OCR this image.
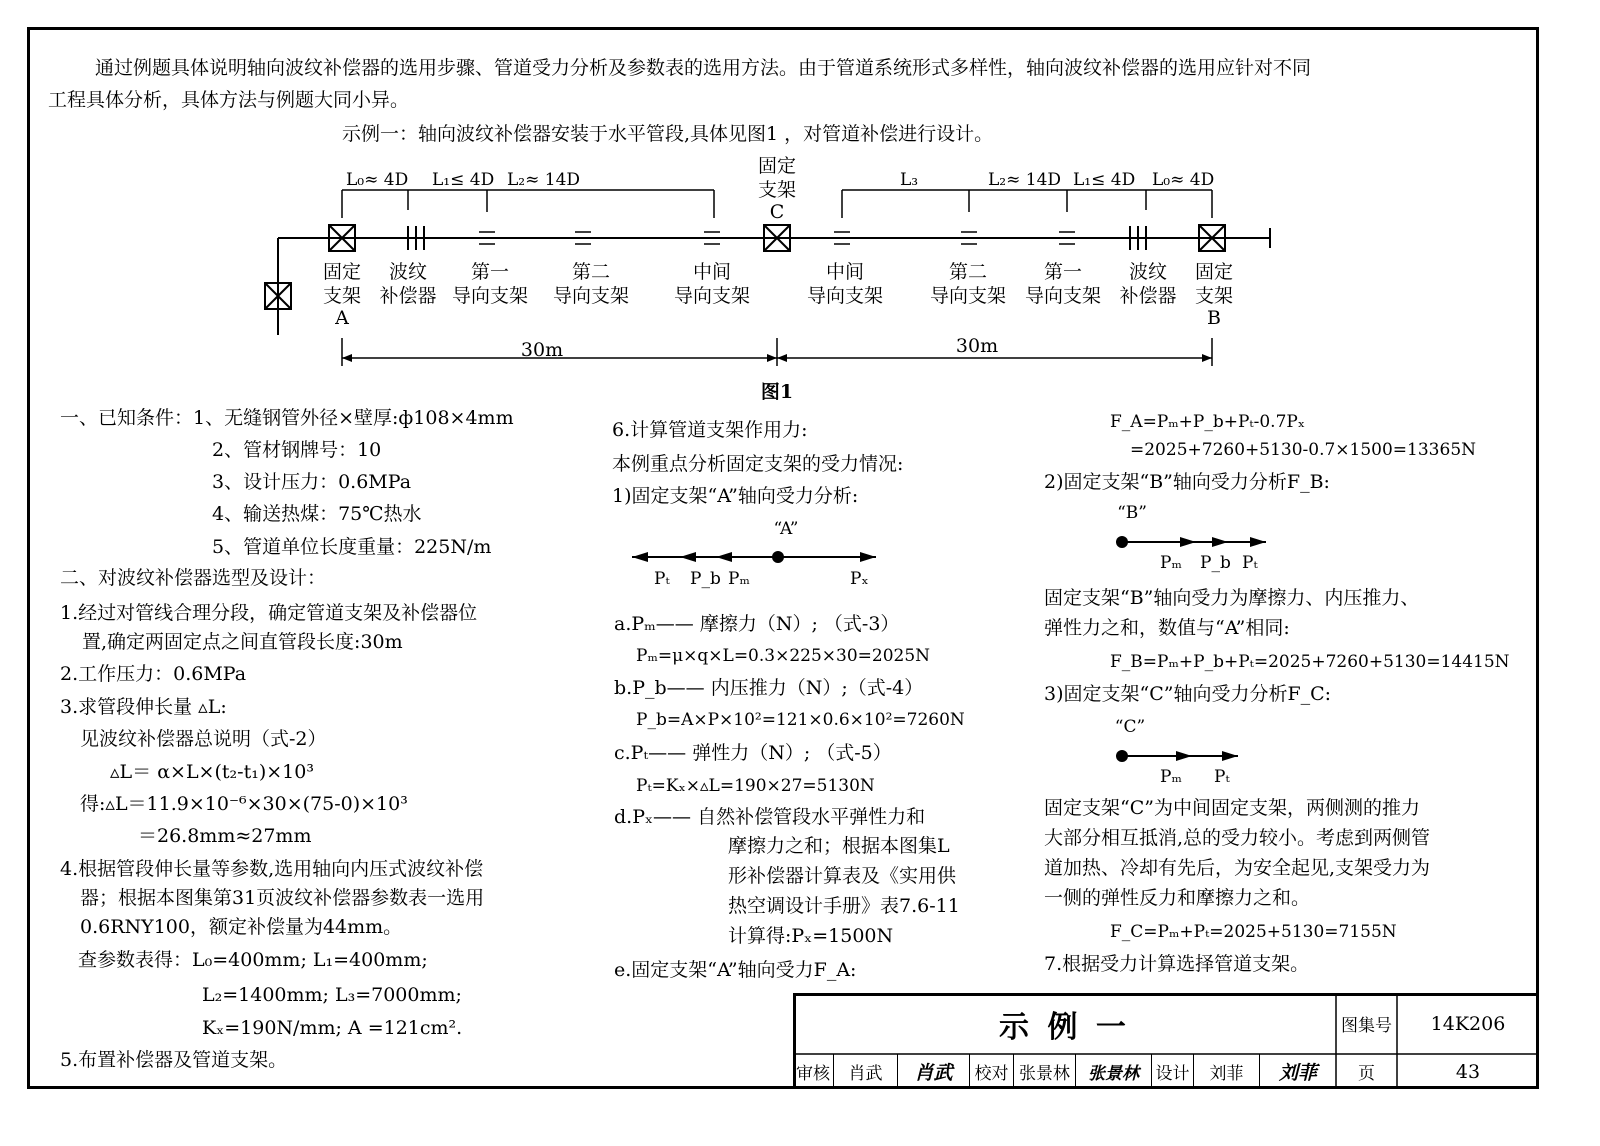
通过例题具体说明轴向波纹补偿器的选用步骤、管道受力分析及参数表的选用方法。由于管道系统形式多样性，轴向波纹补偿器的选用应针对不同
工程具体分析，具体方法与例题大同小异。
示例一：轴向波纹补偿器安装于水平管段,具体见图1 ，对管道补偿进行设计。
L₀≈ 4D L₁≤ 4D L₂≈ 14D	L₃	L₂≈ 14D L₁≤ 4D L₀≈ 4D
固定
支架
C
固定
支架
A
波纹
补偿器
第一
导向支架
第二
导向支架
中间
导向支架
中间
导向支架
第二
导向支架
第一
导向支架
波纹
补偿器
固定
支架
B
30m	30m
图1
一、已知条件：1、无缝钢管外径×壁厚:ф108×4mm
2、管材钢牌号：10
3、设计压力：0.6MPa
4、输送热煤：75℃热水
5、管道单位长度重量：225N/m
二、对波纹补偿器选型及设计：
1.经过对管线合理分段，确定管道支架及补偿器位
置,确定两固定点之间直管段长度:30m
2.工作压力：0.6MPa
3.求管段伸长量 ▵L:
见波纹补偿器总说明（式-2）
▵L＝ α×L×(t₂-t₁)×10³
得:▵L＝11.9×10⁻⁶×30×(75-0)×10³
＝26.8mm≈27mm
4.根据管段伸长量等参数,选用轴向内压式波纹补偿
器；根据本图集第31页波纹补偿器参数表一选用
0.6RNY100，额定补偿量为44mm。
查参数表得：L₀=400mm; L₁=400mm;
L₂=1400mm; L₃=7000mm;
Kₓ=190N/mm; A =121cm².
5.布置补偿器及管道支架。
6.计算管道支架作用力:
本例重点分析固定支架的受力情况:
1)固定支架“A”轴向受力分析:
“A”
Pₜ P_b Pₘ	Pₓ
a.Pₘ—— 摩擦力（N）; （式-3）
Pₘ=μ×q×L=0.3×225×30=2025N
b.P_b—— 内压推力（N）;（式-4）
P_b=A×P×10²=121×0.6×10²=7260N
c.Pₜ—— 弹性力（N）; （式-5）
Pₜ=Kₓ×▵L=190×27=5130N
d.Pₓ—— 自然补偿管段水平弹性力和
摩擦力之和；根据本图集L
形补偿器计算表及《实用供
热空调设计手册》表7.6-11
计算得:Pₓ=1500N
e.固定支架“A”轴向受力F_A:
F_A=Pₘ+P_b+Pₜ-0.7Pₓ
=2025+7260+5130-0.7×1500=13365N
2)固定支架“B”轴向受力分析F_B:
“B”
Pₘ P_b Pₜ
固定支架“B”轴向受力为摩擦力、内压推力、
弹性力之和，数值与“A”相同:
F_B=Pₘ+P_b+Pₜ=2025+7260+5130=14415N
3)固定支架“C”轴向受力分析F_C:
“C”
Pₘ Pₜ
固定支架“C”为中间固定支架，两侧测的推力
大部分相互抵消,总的受力较小。考虑到两侧管
道加热、冷却有先后，为安全起见,支架受力为
一侧的弹性反力和摩擦力之和。
F_C=Pₘ+Pₜ=2025+5130=7155N
7.根据受力计算选择管道支架。
示 例 一	图集号	14K206
审核	肖武	肖武	校对 张景林	张景林 设计	刘菲	刘菲	页	43
